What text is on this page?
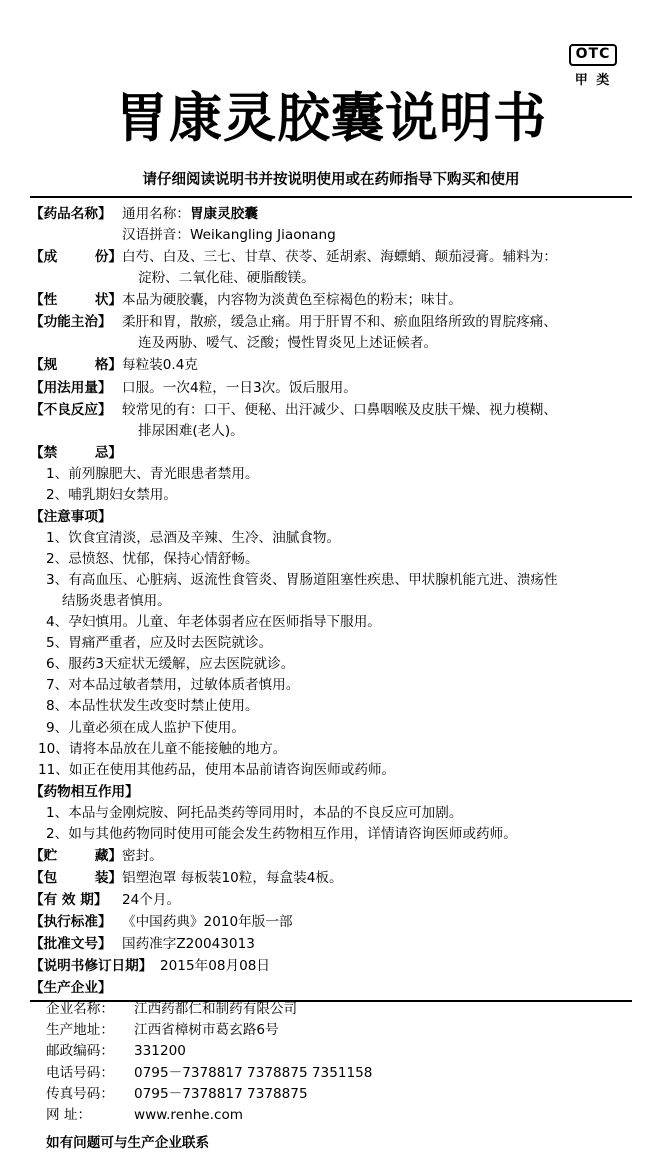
OTC
甲 类
胃康灵胶囊说明书
请仔细阅读说明书并按说明使用或在药师指导下购买和使用
【药品名称】 通用名称：胃康灵胶囊

汉语拼音：Weikangling Jiaonang

【成	份】 白芍、白及、三七、甘草、茯苓、延胡索、海螵蛸、颠茄浸膏。辅料为：

淀粉、二氧化硅、硬脂酸镁。

【性	状】 本品为硬胶囊，内容物为淡黄色至棕褐色的粉末；味甘。

【功能主治】 柔肝和胃，散瘀，缓急止痛。用于肝胃不和、瘀血阻络所致的胃脘疼痛、

连及两胁、嗳气、泛酸；慢性胃炎见上述证候者。

【规	格】 每粒装0.4克

【用法用量】 口服。一次4粒，一日3次。饭后服用。

【不良反应】 较常见的有：口干、便秘、出汗减少、口鼻咽喉及皮肤干燥、视力模糊、

排尿困难(老人)。

【禁	忌】
1、前列腺肥大、青光眼患者禁用。
2、哺乳期妇女禁用。
【注意事项】
1、饮食宜清淡，忌酒及辛辣、生冷、油腻食物。
2、忌愤怒、忧郁，保持心情舒畅。
3、有高血压、心脏病、返流性食管炎、胃肠道阻塞性疾患、甲状腺机能亢进、溃疡性
结肠炎患者慎用。
4、孕妇慎用。儿童、年老体弱者应在医师指导下服用。
5、胃痛严重者，应及时去医院就诊。
6、服药3天症状无缓解，应去医院就诊。
7、对本品过敏者禁用，过敏体质者慎用。
8、本品性状发生改变时禁止使用。
9、儿童必须在成人监护下使用。
10、请将本品放在儿童不能接触的地方。
11、如正在使用其他药品，使用本品前请咨询医师或药师。
【药物相互作用】
1、本品与金刚烷胺、阿托品类药等同用时，本品的不良反应可加剧。
2、如与其他药物同时使用可能会发生药物相互作用，详情请咨询医师或药师。
【贮	藏】 密封。

【包	装】 铝塑泡罩 每板装10粒，每盒装4板。

【有 效 期】	24个月。

【执行标准】 《中国药典》2010年版一部

【批准文号】 国药准字Z20043013

【说明书修订日期】 2015年08月08日

【生产企业】
企业名称：	江西药都仁和制药有限公司
生产地址：	江西省樟树市葛玄路6号
邮政编码：	331200
电话号码：	0795－7378817 7378875 7351158
传真号码：	0795－7378817 7378875
网 址：	www.renhe.com
如有问题可与生产企业联系
